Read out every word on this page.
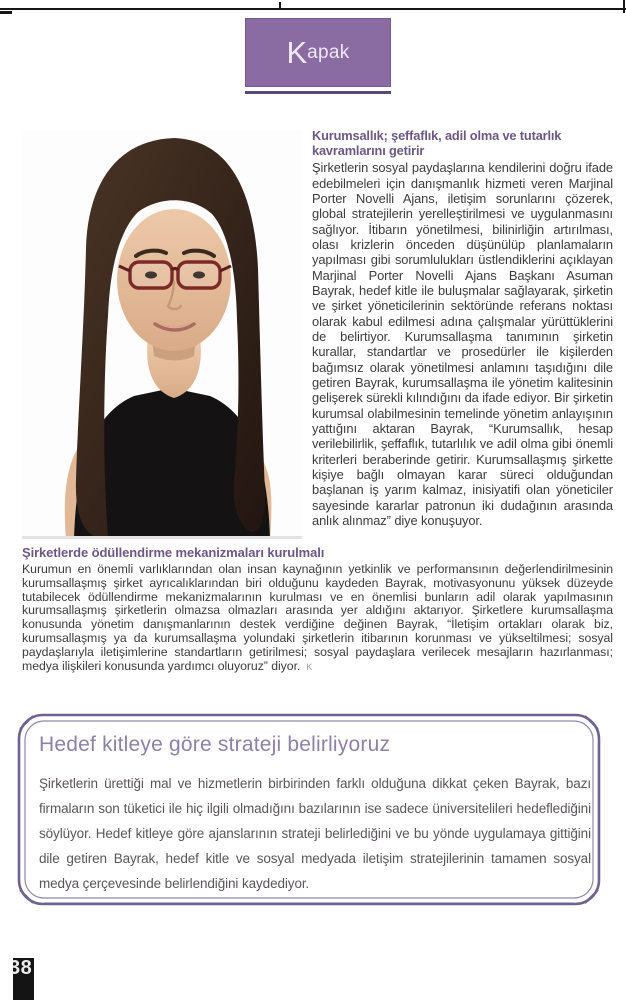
K apak
Kurumsallık; şeffaflık, adil olma ve tutarlık kavramlarını getirir

Şirketlerin sosyal paydaşlarına kendilerini doğru ifade edebilmeleri için danışmanlık hizmeti veren Marjinal Porter Novelli Ajans, iletişim sorunlarını çözerek, global stratejilerin yerelleştirilmesi ve uygulanmasını sağlıyor. İtibarın yönetilmesi, bilinirliğin artırılması, olası krizlerin önceden düşünülüp planlamaların yapılması gibi sorumlulukları üstlendiklerini açıklayan Marjinal Porter Novelli Ajans Başkanı Asuman Bayrak, hedef kitle ile buluşmalar sağlayarak, şirketin ve şirket yöneticilerinin sektöründe referans noktası olarak kabul edilmesi adına çalışmalar yürüttüklerini de belirtiyor. Kurumsallaşma tanımının şirketin kurallar, standartlar ve prosedürler ile kişilerden bağımsız olarak yönetilmesi anlamını taşıdığını dile getiren Bayrak, kurumsallaşma ile yönetim kalitesinin gelişerek sürekli kılındığını da ifade ediyor. Bir şirketin kurumsal olabilmesinin temelinde yönetim anlayışının yattığını aktaran Bayrak, “Kurumsallık, hesap verilebilirlik, şeffaflık, tutarlılık ve adil olma gibi önemli kriterleri beraberinde getirir. Kurumsallaşmış şirkette kişiye bağlı olmayan karar süreci olduğundan başlanan iş yarım kalmaz, inisiyatifi olan yöneticiler sayesinde kararlar patronun iki dudağının arasında anlık alınmaz” diye konuşuyor.

Şirketlerde ödüllendirme mekanizmaları kurulmalı

Kurumun en önemli varlıklarından olan insan kaynağının yetkinlik ve performansının değerlendirilmesinin kurumsallaşmış şirket ayrıcalıklarından biri olduğunu kaydeden Bayrak, motivasyonunu yüksek düzeyde tutabilecek ödüllendirme mekanizmalarının kurulması ve en önemlisi bunların adil olarak yapılmasının kurumsallaşmış şirketlerin olmazsa olmazları arasında yer aldığını aktarıyor. Şirketlere kurumsallaşma konusunda yönetim danışmanlarının destek verdiğine değinen Bayrak, “İletişim ortakları olarak biz, kurumsallaşmış ya da kurumsallaşma yolundaki şirketlerin itibarının korunması ve yükseltilmesi; sosyal paydaşlarıyla iletişimlerine standartların getirilmesi; sosyal paydaşlara verilecek mesajların hazırlanması; medya ilişkileri konusunda yardımcı oluyoruz” diyor. K

Hedef kitleye göre strateji belirliyoruz

Şirketlerin ürettiği mal ve hizmetlerin birbirinden farklı olduğuna dikkat çeken Bayrak, bazı firmaların son tüketici ile hiç ilgili olmadığını bazılarının ise sadece üniversitelileri hedeflediğini söylüyor. Hedef kitleye göre ajanslarının strateji belirlediğini ve bu yönde uygulamaya gittiğini dile getiren Bayrak, hedef kitle ve sosyal medyada iletişim stratejilerinin tamamen sosyal medya çerçevesinde belirlendiğini kaydediyor.

38
